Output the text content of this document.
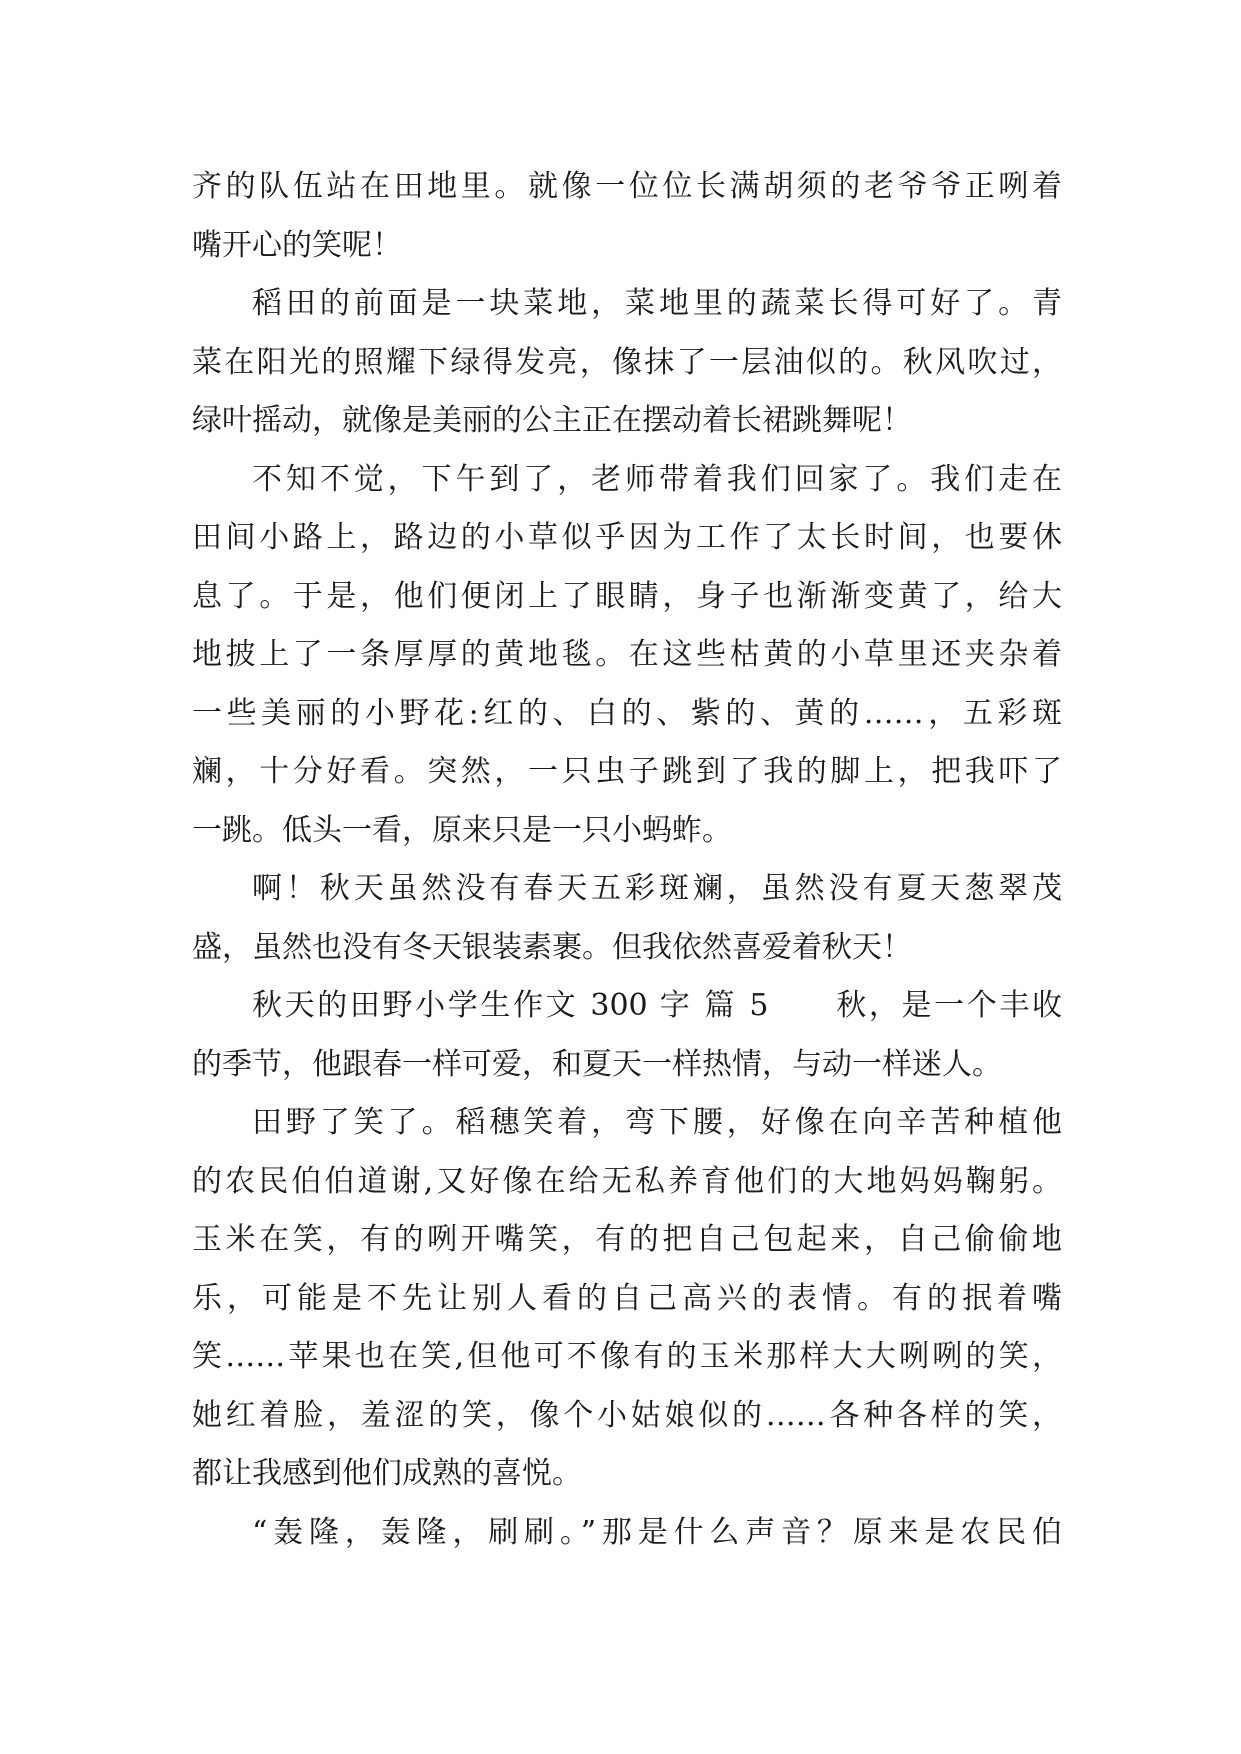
齐的队伍站在田地里。就像一位位长满胡须的老爷爷正咧着
嘴开心的笑呢！
稻田的前面是一块菜地，菜地里的蔬菜长得可好了。青
菜在阳光的照耀下绿得发亮，像抹了一层油似的。秋风吹过，
绿叶摇动，就像是美丽的公主正在摆动着长裙跳舞呢！
不知不觉，下午到了，老师带着我们回家了。我们走在
田间小路上，路边的小草似乎因为工作了太长时间，也要休
息了。于是，他们便闭上了眼睛，身子也渐渐变黄了，给大
地披上了一条厚厚的黄地毯。在这些枯黄的小草里还夹杂着
一些美丽的小野花:红的、白的、紫的、黄的……，五彩斑
斓，十分好看。突然，一只虫子跳到了我的脚上，把我吓了
一跳。低头一看，原来只是一只小蚂蚱。
啊！秋天虽然没有春天五彩斑斓，虽然没有夏天葱翠茂
盛，虽然也没有冬天银装素裹。但我依然喜爱着秋天！
秋天的田野小学生作文 300 字 篇 5　　秋，是一个丰收
的季节，他跟春一样可爱，和夏天一样热情，与动一样迷人。
田野了笑了。稻穗笑着，弯下腰，好像在向辛苦种植他
的农民伯伯道谢,又好像在给无私养育他们的大地妈妈鞠躬。
玉米在笑，有的咧开嘴笑，有的把自己包起来，自己偷偷地
乐，可能是不先让别人看的自己高兴的表情。有的抿着嘴
笑……苹果也在笑,但他可不像有的玉米那样大大咧咧的笑，
她红着脸，羞涩的笑，像个小姑娘似的……各种各样的笑，
都让我感到他们成熟的喜悦。
“轰隆，轰隆，刷刷。”那是什么声音？原来是农民伯
